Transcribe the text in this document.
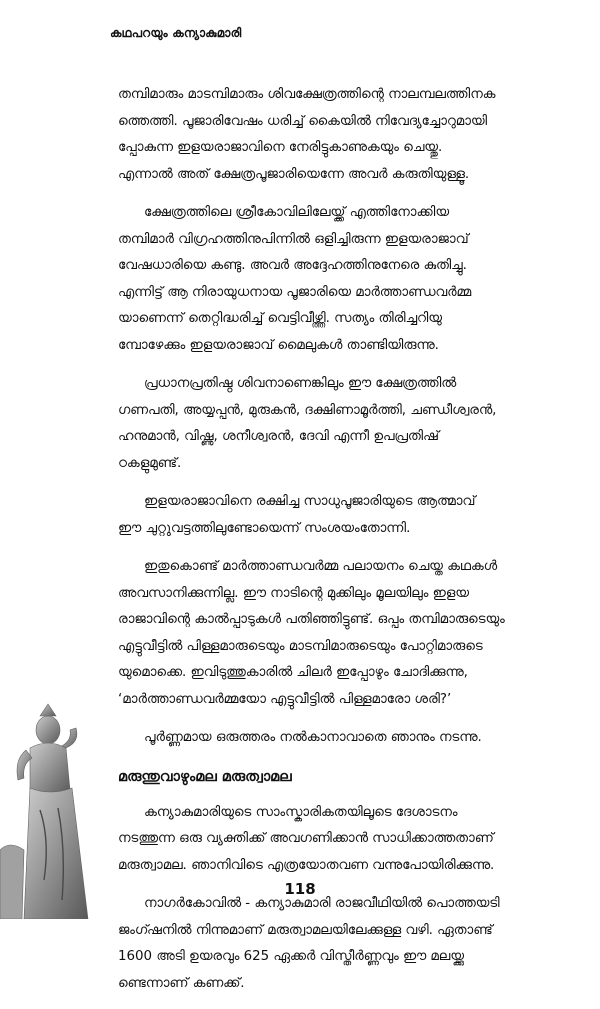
കഥപറയും കന്യാകുമാരി

തമ്പിമാരും മാടമ്പിമാരും ശിവക്ഷേത്രത്തിന്റെ നാലമ്പലത്തിനക
ത്തെത്തി. പൂജാരിവേഷം ധരിച്ച് കൈയിൽ നിവേദ്യച്ചോറുമായി
പ്പോകുന്ന ഇളയരാജാവിനെ നേരിട്ടുകാണുകയും ചെയ്തു.
എന്നാൽ അത് ക്ഷേത്രപൂജാരിയെന്നേ അവർ കരുതിയുള്ളൂ.

ക്ഷേത്രത്തിലെ ശ്രീകോവിലിലേയ്ക്ക് എത്തിനോക്കിയ
തമ്പിമാർ വിഗ്രഹത്തിനുപിന്നിൽ ഒളിച്ചിരുന്ന ഇളയരാജാവ്
വേഷധാരിയെ കണ്ടു. അവർ അദ്ദേഹത്തിനുനേരെ കുതിച്ചു.
എന്നിട്ട് ആ നിരായുധനായ പൂജാരിയെ മാർത്താണ്ഡവർമ്മ
യാണെന്ന് തെറ്റിദ്ധരിച്ച് വെട്ടിവീഴ്ത്തി. സത്യം തിരിച്ചറിയു
മ്പോഴേക്കും ഇളയരാജാവ് മൈലുകൾ താണ്ടിയിരുന്നു.

പ്രധാനപ്രതിഷ്ഠ ശിവനാണെങ്കിലും ഈ ക്ഷേത്രത്തിൽ
ഗണപതി, അയ്യപ്പൻ, മുരുകൻ, ദക്ഷിണാമൂർത്തി, ചണ്ഡീശ്വരൻ,
ഹനുമാൻ, വിഷ്ണു, ശനീശ്വരൻ, ദേവി എന്നീ ഉപപ്രതിഷ്
ഠകളുമുണ്ട്.

ഇളയരാജാവിനെ രക്ഷിച്ച സാധുപൂജാരിയുടെ ആത്മാവ്
ഈ ചുറ്റുവട്ടത്തിലുണ്ടോയെന്ന് സംശയംതോന്നി.

ഇതുകൊണ്ട് മാർത്താണ്ഡവർമ്മ പലായനം ചെയ്ത കഥകൾ
അവസാനിക്കുന്നില്ല. ഈ നാടിന്റെ മുക്കിലും മൂലയിലും ഇളയ
രാജാവിന്റെ കാൽപ്പാടുകൾ പതിഞ്ഞിട്ടുണ്ട്. ഒപ്പം തമ്പിമാരുടെയും
എട്ടുവീട്ടിൽ പിള്ളമാരുടെയും മാടമ്പിമാരുടെയും പോറ്റിമാരുടെ
യുമൊക്കെ. ഇവിടുത്തുകാരിൽ ചിലർ ഇപ്പോഴും ചോദിക്കുന്നു,
‘മാർത്താണ്ഡവർമ്മയോ എട്ടുവീട്ടിൽ പിള്ളമാരോ ശരി?’

പൂർണ്ണമായ ഒരുത്തരം നൽകാനാവാതെ ഞാനും നടന്നു.

മരുന്തുവാഴുംമല മരുത്വാമല

കന്യാകുമാരിയുടെ സാംസ്കാരികതയിലൂടെ ദേശാടനം
നടത്തുന്ന ഒരു വ്യക്തിക്ക് അവഗണിക്കാൻ സാധിക്കാത്തതാണ്
മരുത്വാമല. ഞാനിവിടെ എത്രയോതവണ വന്നുപോയിരിക്കുന്നു.

നാഗർകോവിൽ - കന്യാകുമാരി രാജവീഥിയിൽ പൊത്തയടി
ജംഗ്ഷനിൽ നിന്നുമാണ് മരുത്വാമലയിലേക്കുള്ള വഴി. ഏതാണ്ട്
1600 അടി ഉയരവും 625 ഏക്കർ വിസ്തീർണ്ണവും ഈ മലയ്ക്കു
ണ്ടെന്നാണ് കണക്ക്.

118
